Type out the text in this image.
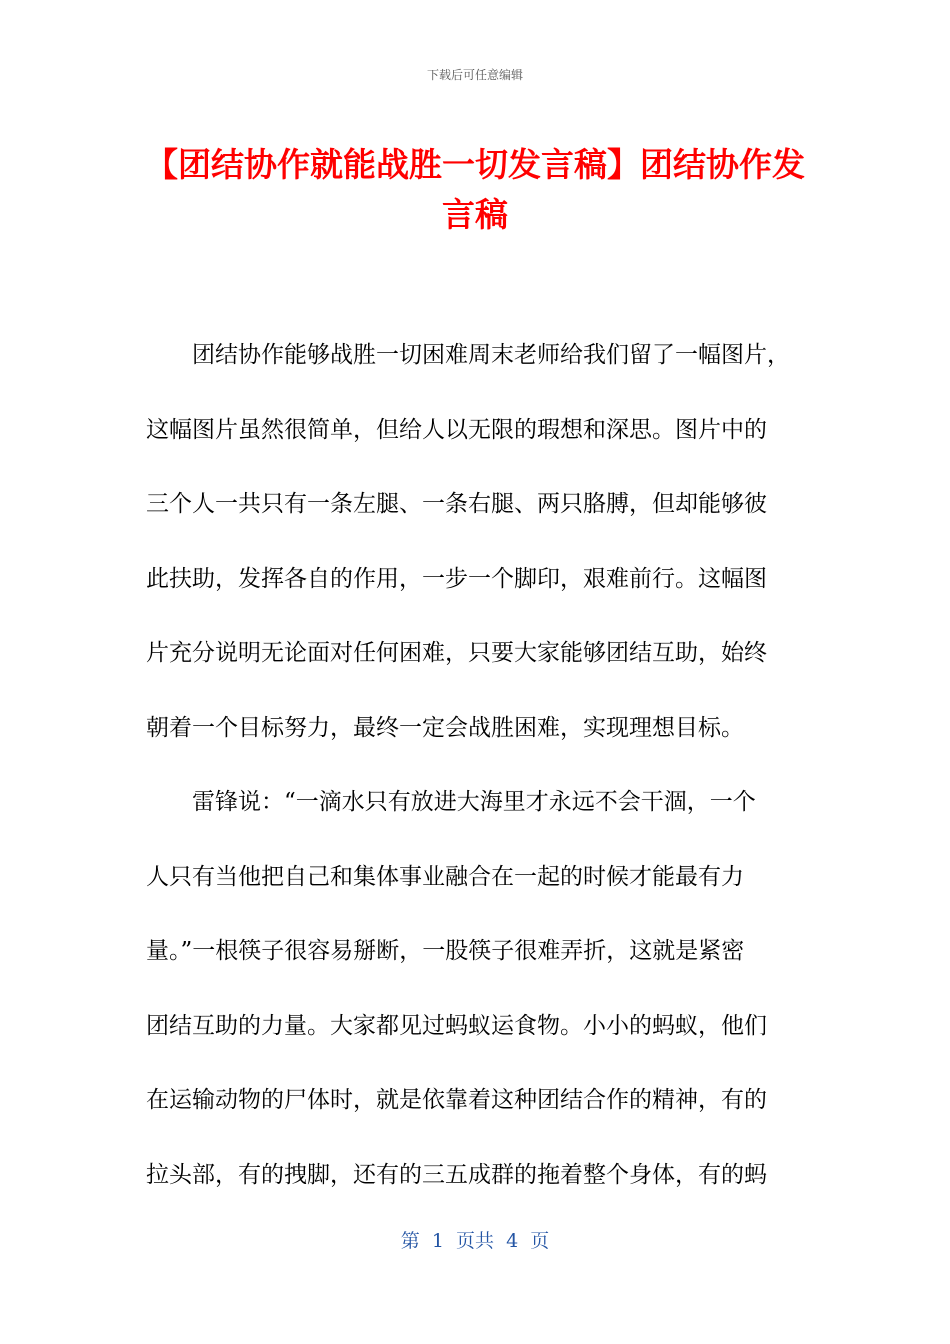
下载后可任意编辑
【团结协作就能战胜一切发言稿】团结协作发言稿
　　团结协作能够战胜一切困难周末老师给我们留了一幅图片，
这幅图片虽然很简单，但给人以无限的瑕想和深思。图片中的
三个人一共只有一条左腿、一条右腿、两只胳膊，但却能够彼
此扶助，发挥各自的作用，一步一个脚印，艰难前行。这幅图
片充分说明无论面对任何困难，只要大家能够团结互助，始终
朝着一个目标努力，最终一定会战胜困难，实现理想目标。
　　雷锋说：“一滴水只有放进大海里才永远不会干涸，一个
人只有当他把自己和集体事业融合在一起的时候才能最有力
量。”一根筷子很容易掰断，一股筷子很难弄折，这就是紧密
团结互助的力量。大家都见过蚂蚁运食物。小小的蚂蚁，他们
在运输动物的尸体时，就是依靠着这种团结合作的精神，有的
拉头部，有的拽脚，还有的三五成群的拖着整个身体，有的蚂
第  1  页共  4  页
